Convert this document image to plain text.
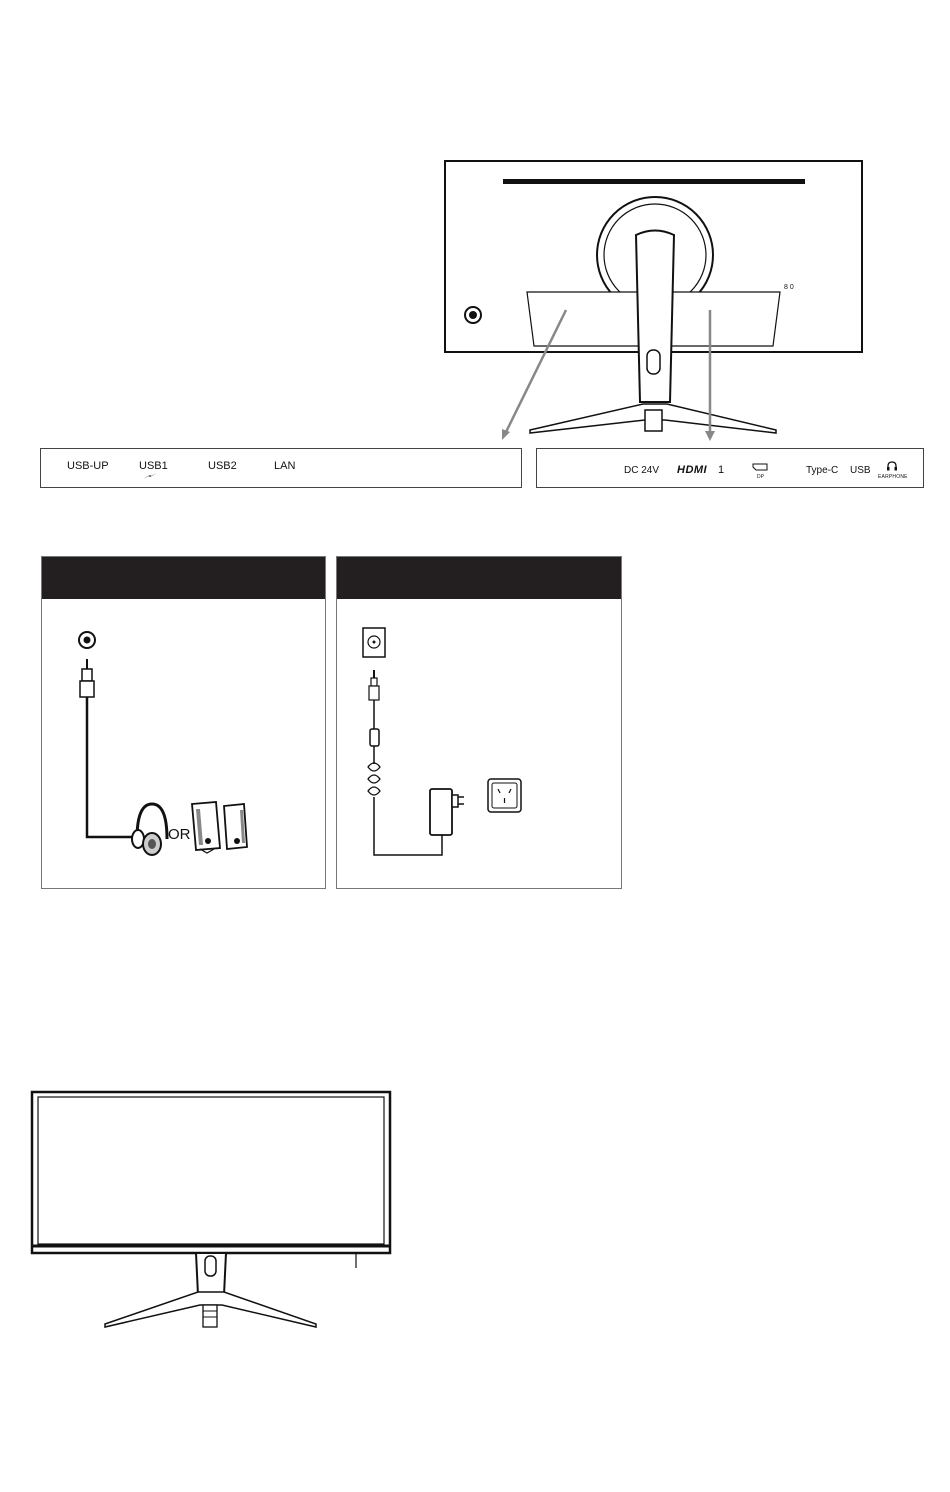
8 0
USB-UP	USB1	USB2	LAN	DC 24V HDMI 1
DP
Type-C USB
EARPHONE
OR
